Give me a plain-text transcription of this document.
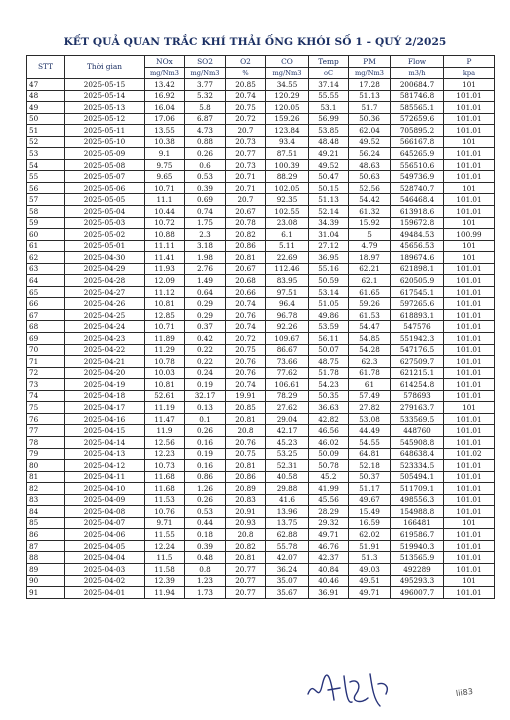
KẾT QUẢ QUAN TRẮC KHÍ THẢI ỐNG KHÓI SỐ 1 - QUÝ 2/2025
STT	Thời gian	NOx	SO2	O2	CO	Temp	PM	Flow	P
		mg/Nm3	mg/Nm3	%	mg/Nm3	oC	mg/Nm3	m3/h	kpa
47	2025-05-15	13.42	3.77	20.85	34.55	37.14	17.28	200684.7	101
48	2025-05-14	16.92	5.32	20.74	120.29	55.55	51.13	581746.8	101.01
49	2025-05-13	16.04	5.8	20.75	120.05	53.1	51.7	585565.1	101.01
50	2025-05-12	17.06	6.87	20.72	159.26	56.99	50.36	572659.6	101.01
51	2025-05-11	13.55	4.73	20.7	123.84	53.85	62.04	705895.2	101.01
52	2025-05-10	10.38	0.88	20.73	93.4	48.48	49.52	566167.8	101
53	2025-05-09	9.1	0.26	20.77	87.51	49.21	56.24	645265.9	101.01
54	2025-05-08	9.75	0.6	20.73	100.39	49.52	48.63	556510.6	101.01
55	2025-05-07	9.65	0.53	20.71	88.29	50.47	50.63	549736.9	101.01
56	2025-05-06	10.71	0.39	20.71	102.05	50.15	52.56	528740.7	101
57	2025-05-05	11.1	0.69	20.7	92.35	51.13	54.42	546468.4	101.01
58	2025-05-04	10.44	0.74	20.67	102.55	52.14	61.32	613918.6	101.01
59	2025-05-03	10.72	1.75	20.78	23.08	34.39	15.92	159672.8	101
60	2025-05-02	10.88	2.3	20.82	6.1	31.04	5	49484.53	100.99
61	2025-05-01	11.11	3.18	20.86	5.11	27.12	4.79	45656.53	101
62	2025-04-30	11.41	1.98	20.81	22.69	36.95	18.97	189674.6	101
63	2025-04-29	11.93	2.76	20.67	112.46	55.16	62.21	621898.1	101.01
64	2025-04-28	12.09	1.49	20.68	83.95	50.59	62.1	620505.9	101.01
65	2025-04-27	11.12	0.64	20.66	97.51	53.14	61.65	617545.1	101.01
66	2025-04-26	10.81	0.29	20.74	96.4	51.05	59.26	597265.6	101.01
67	2025-04-25	12.85	0.29	20.76	96.78	49.86	61.53	618893.1	101.01
68	2025-04-24	10.71	0.37	20.74	92.26	53.59	54.47	547576	101.01
69	2025-04-23	11.89	0.42	20.72	109.67	56.11	54.85	551942.3	101.01
70	2025-04-22	11.29	0.22	20.75	86.67	50.07	54.28	547176.5	101.01
71	2025-04-21	10.78	0.22	20.76	73.66	48.75	62.3	627509.7	101.01
72	2025-04-20	10.03	0.24	20.76	77.62	51.78	61.78	621215.1	101.01
73	2025-04-19	10.81	0.19	20.74	106.61	54.23	61	614254.8	101.01
74	2025-04-18	52.61	32.17	19.91	78.29	50.35	57.49	578693	101.01
75	2025-04-17	11.19	0.13	20.85	27.62	36.63	27.82	279163.7	101
76	2025-04-16	11.47	0.1	20.81	29.04	42.82	53.08	533569.5	101.01
77	2025-04-15	11.9	0.26	20.8	42.17	46.56	44.49	448760	101.01
78	2025-04-14	12.56	0.16	20.76	45.23	46.02	54.55	545908.8	101.01
79	2025-04-13	12.23	0.19	20.75	53.25	50.09	64.81	648638.4	101.02
80	2025-04-12	10.73	0.16	20.81	52.31	50.78	52.18	523334.5	101.01
81	2025-04-11	11.68	0.86	20.86	40.58	45.2	50.37	505494.1	101.01
82	2025-04-10	11.68	1.26	20.89	29.88	41.99	51.17	511709.1	101.01
83	2025-04-09	11.53	0.26	20.83	41.6	45.56	49.67	498556.3	101.01
84	2025-04-08	10.76	0.53	20.91	13.96	28.29	15.49	154988.8	101.01
85	2025-04-07	9.71	0.44	20.93	13.75	29.32	16.59	166481	101
86	2025-04-06	11.55	0.18	20.8	62.88	49.71	62.02	619586.7	101.01
87	2025-04-05	12.24	0.39	20.82	55.78	46.76	51.91	519940.3	101.01
88	2025-04-04	11.5	0.48	20.81	42.07	42.37	51.3	513565.9	101.01
89	2025-04-03	11.58	0.8	20.77	36.24	40.84	49.03	492289	101.01
90	2025-04-02	12.39	1.23	20.77	35.07	40.46	49.51	495293.3	101
91	2025-04-01	11.94	1.73	20.77	35.67	36.91	49.71	496007.7	101.01
lii83
